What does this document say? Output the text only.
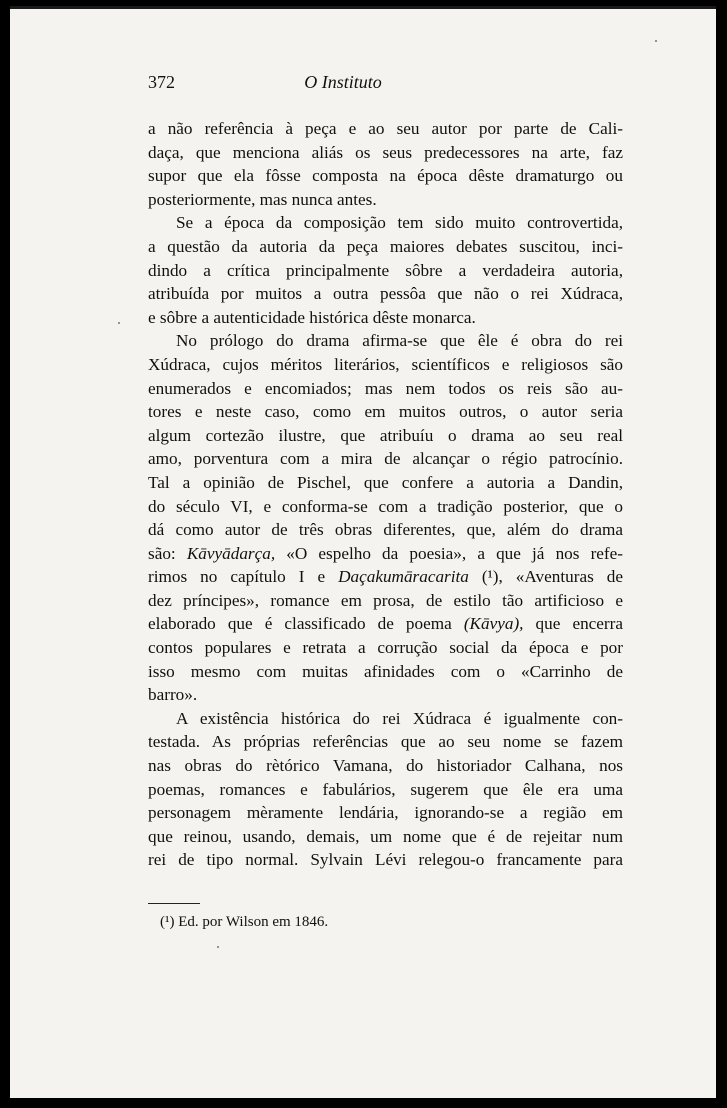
372	O Instituto
a não referência à peça e ao seu autor por parte de Cali-
daça, que menciona aliás os seus predecessores na arte, faz
supor que ela fôsse composta na época dêste dramaturgo ou
posteriormente, mas nunca antes.
Se a época da composição tem sido muito controvertida,
a questão da autoria da peça maiores debates suscitou, inci-
dindo a crítica principalmente sôbre a verdadeira autoria,
atribuída por muitos a outra pessôa que não o rei Xúdraca,
e sôbre a autenticidade histórica dêste monarca.
No prólogo do drama afirma-se que êle é obra do rei
Xúdraca, cujos méritos literários, scientíficos e religiosos são
enumerados e encomiados; mas nem todos os reis são au-
tores e neste caso, como em muitos outros, o autor seria
algum cortezão ilustre, que atribuíu o drama ao seu real
amo, porventura com a mira de alcançar o régio patrocínio.
Tal a opinião de Pischel, que confere a autoria a Dandin,
do século VI, e conforma-se com a tradição posterior, que o
dá como autor de três obras diferentes, que, além do drama
são: Kāvyādarça, «O espelho da poesia», a que já nos refe-
rimos no capítulo I e Daçakumāracarita (¹), «Aventuras de
dez príncipes», romance em prosa, de estilo tão artificioso e
elaborado que é classificado de poema (Kāvya), que encerra
contos populares e retrata a corrução social da época e por
isso mesmo com muitas afinidades com o «Carrinho de
barro».
A existência histórica do rei Xúdraca é igualmente con-
testada. As próprias referências que ao seu nome se fazem
nas obras do rètórico Vamana, do historiador Calhana, nos
poemas, romances e fabulários, sugerem que êle era uma
personagem mèramente lendária, ignorando-se a região em
que reinou, usando, demais, um nome que é de rejeitar num
rei de tipo normal. Sylvain Lévi relegou-o francamente para
(¹) Ed. por Wilson em 1846.
